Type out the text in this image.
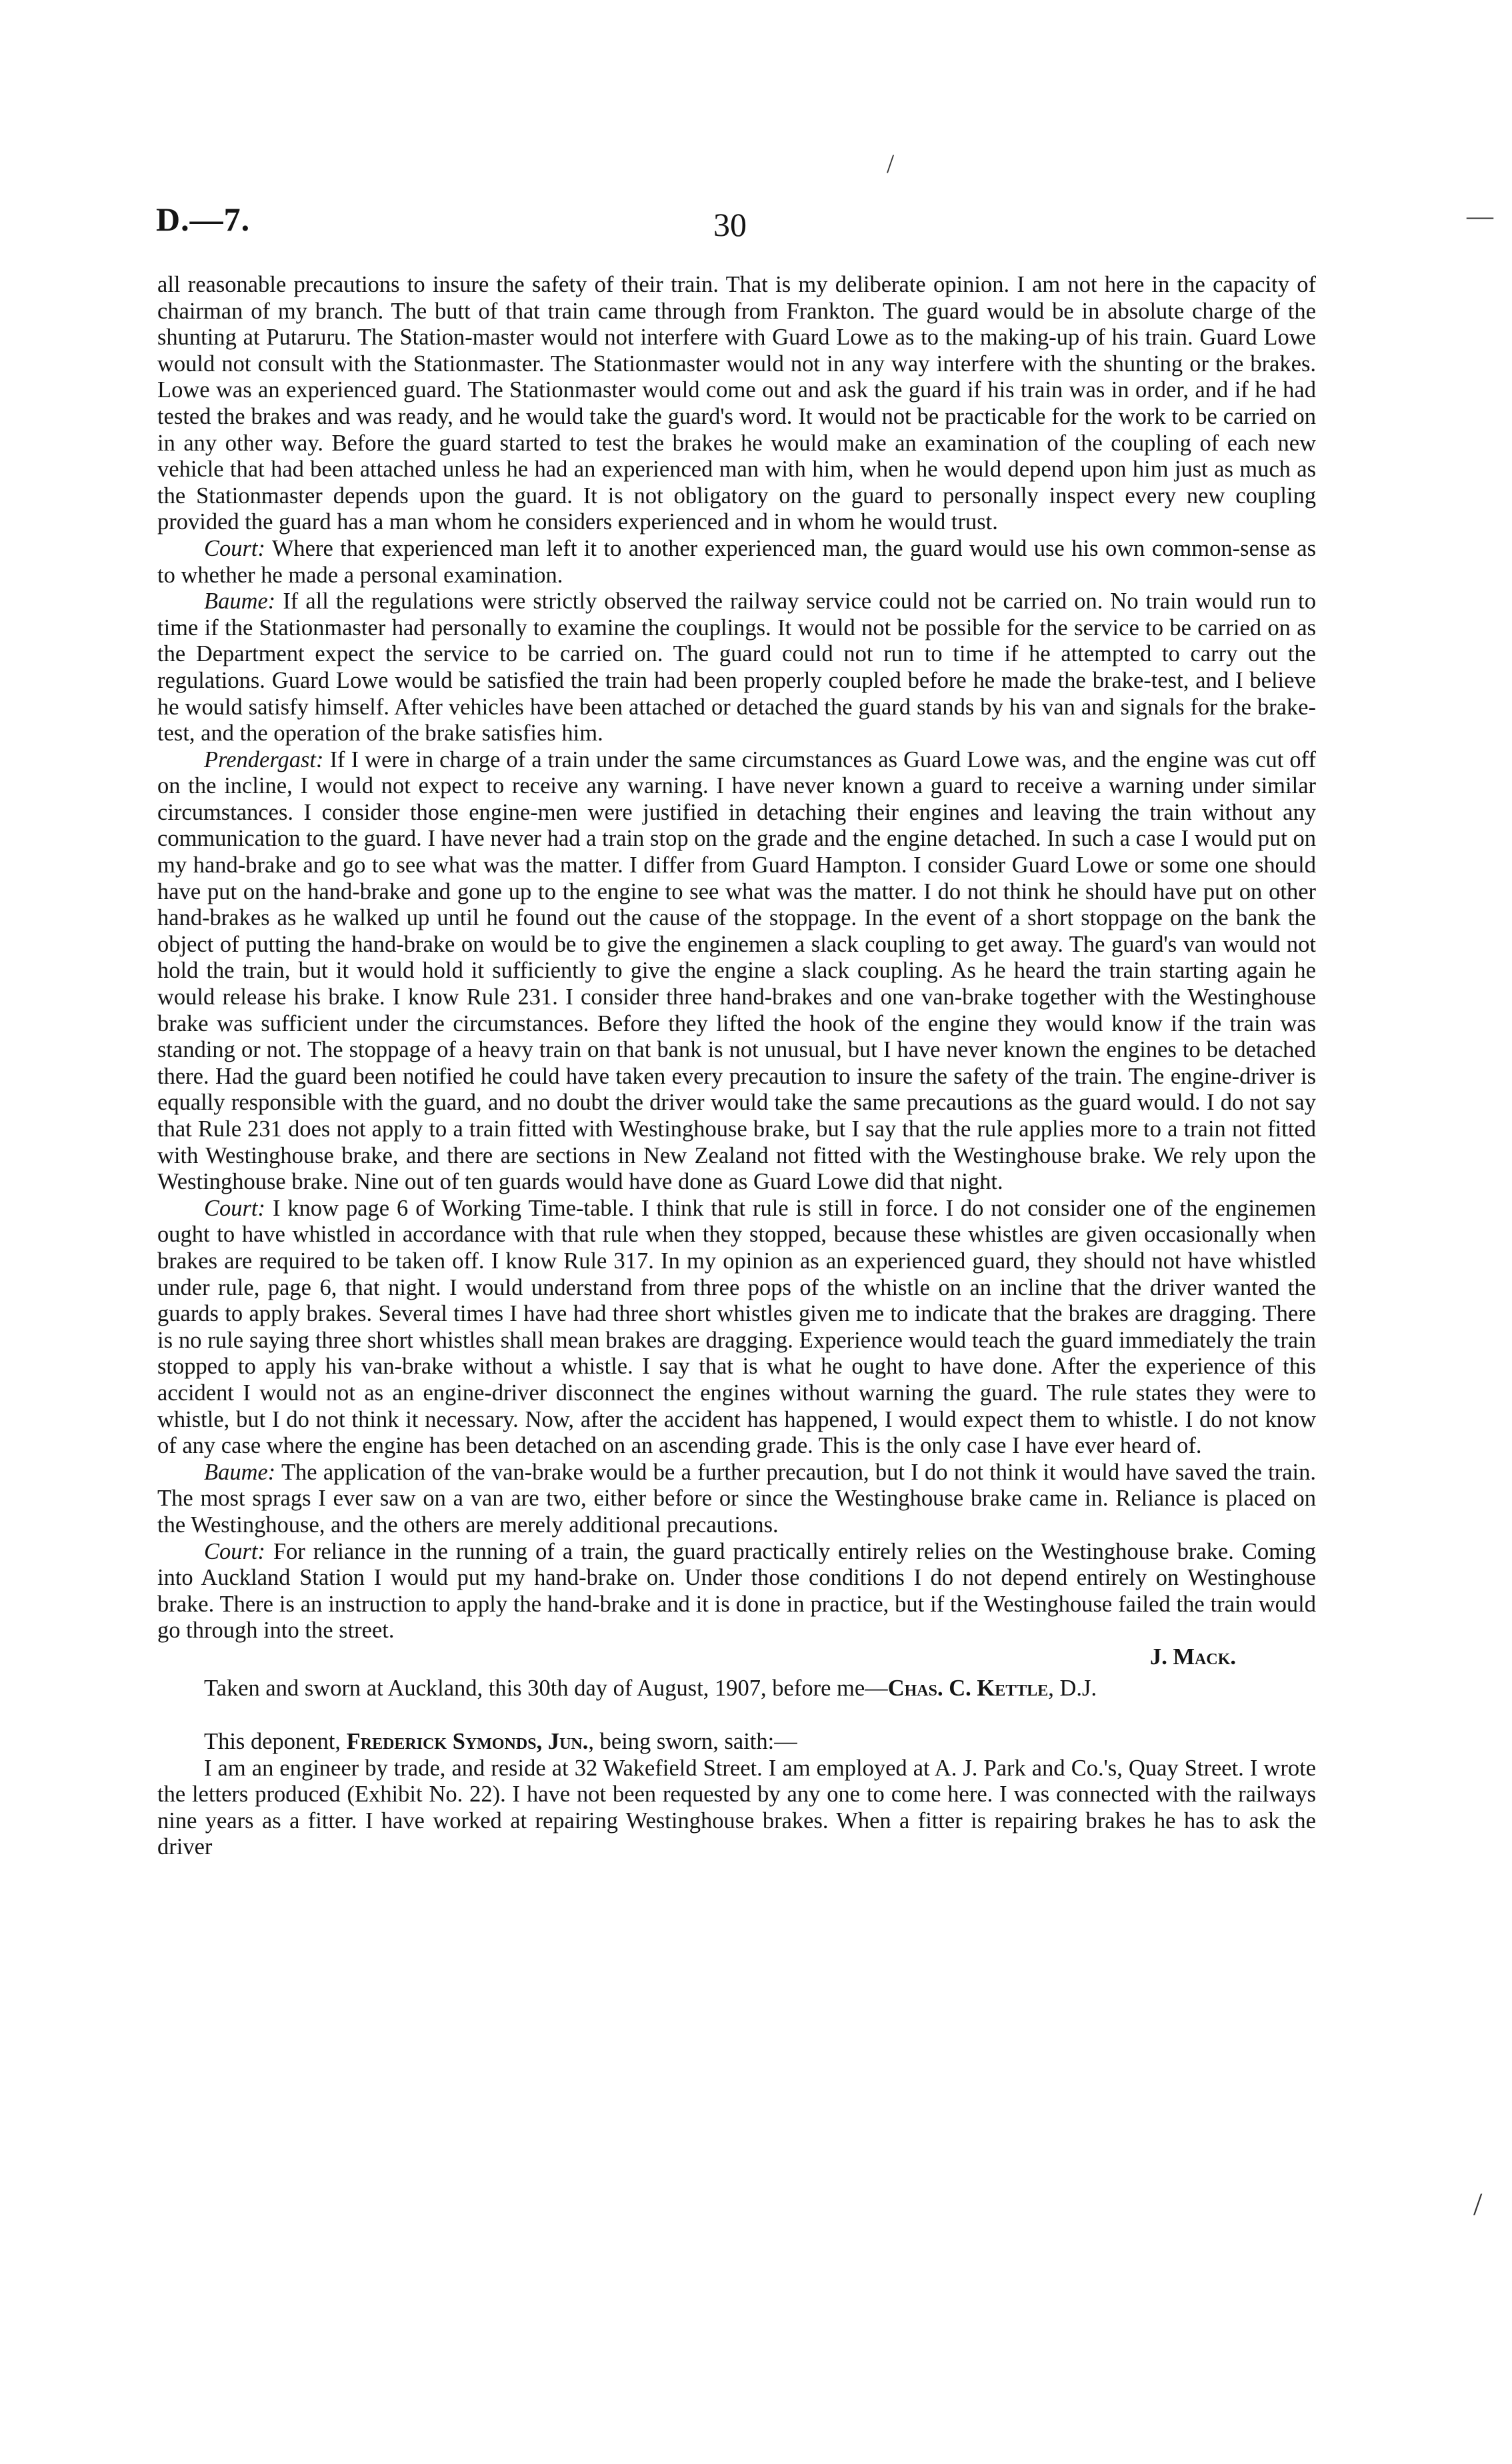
/
—
D.—7.	30

all reasonable precautions to insure the safety of their train. That is my deliberate opinion. I am not here in the capacity of chairman of my branch. The butt of that train came through from Frankton. The guard would be in absolute charge of the shunting at Putaruru. The Station-master would not interfere with Guard Lowe as to the making-up of his train. Guard Lowe would not consult with the Stationmaster. The Stationmaster would not in any way interfere with the shunting or the brakes. Lowe was an experienced guard. The Stationmaster would come out and ask the guard if his train was in order, and if he had tested the brakes and was ready, and he would take the guard's word. It would not be practicable for the work to be carried on in any other way. Before the guard started to test the brakes he would make an examination of the coupling of each new vehicle that had been attached unless he had an experienced man with him, when he would depend upon him just as much as the Stationmaster depends upon the guard. It is not obligatory on the guard to personally inspect every new coupling provided the guard has a man whom he considers experienced and in whom he would trust.

Court: Where that experienced man left it to another experienced man, the guard would use his own common-sense as to whether he made a personal examination.

Baume: If all the regulations were strictly observed the railway service could not be carried on. No train would run to time if the Stationmaster had personally to examine the couplings. It would not be possible for the service to be carried on as the Department expect the service to be carried on. The guard could not run to time if he attempted to carry out the regulations. Guard Lowe would be satisfied the train had been properly coupled before he made the brake-test, and I believe he would satisfy himself. After vehicles have been attached or detached the guard stands by his van and signals for the brake-test, and the operation of the brake satisfies him.

Prendergast: If I were in charge of a train under the same circumstances as Guard Lowe was, and the engine was cut off on the incline, I would not expect to receive any warning. I have never known a guard to receive a warning under similar circumstances. I consider those engine-men were justified in detaching their engines and leaving the train without any communication to the guard. I have never had a train stop on the grade and the engine detached. In such a case I would put on my hand-brake and go to see what was the matter. I differ from Guard Hampton. I consider Guard Lowe or some one should have put on the hand-brake and gone up to the engine to see what was the matter. I do not think he should have put on other hand-brakes as he walked up until he found out the cause of the stoppage. In the event of a short stoppage on the bank the object of putting the hand-brake on would be to give the enginemen a slack coupling to get away. The guard's van would not hold the train, but it would hold it sufficiently to give the engine a slack coupling. As he heard the train starting again he would release his brake. I know Rule 231. I consider three hand-brakes and one van-brake together with the Westinghouse brake was sufficient under the circumstances. Before they lifted the hook of the engine they would know if the train was standing or not. The stoppage of a heavy train on that bank is not unusual, but I have never known the engines to be detached there. Had the guard been notified he could have taken every precaution to insure the safety of the train. The engine-driver is equally responsible with the guard, and no doubt the driver would take the same precautions as the guard would. I do not say that Rule 231 does not apply to a train fitted with Westinghouse brake, but I say that the rule applies more to a train not fitted with Westinghouse brake, and there are sections in New Zealand not fitted with the Westinghouse brake. We rely upon the Westinghouse brake. Nine out of ten guards would have done as Guard Lowe did that night.

Court: I know page 6 of Working Time-table. I think that rule is still in force. I do not consider one of the enginemen ought to have whistled in accordance with that rule when they stopped, because these whistles are given occasionally when brakes are required to be taken off. I know Rule 317. In my opinion as an experienced guard, they should not have whistled under rule, page 6, that night. I would understand from three pops of the whistle on an incline that the driver wanted the guards to apply brakes. Several times I have had three short whistles given me to indicate that the brakes are dragging. There is no rule saying three short whistles shall mean brakes are dragging. Experience would teach the guard immediately the train stopped to apply his van-brake without a whistle. I say that is what he ought to have done. After the experience of this accident I would not as an engine-driver disconnect the engines without warning the guard. The rule states they were to whistle, but I do not think it necessary. Now, after the accident has happened, I would expect them to whistle. I do not know of any case where the engine has been detached on an ascending grade. This is the only case I have ever heard of.

Baume: The application of the van-brake would be a further precaution, but I do not think it would have saved the train. The most sprags I ever saw on a van are two, either before or since the Westinghouse brake came in. Reliance is placed on the Westinghouse, and the others are merely additional precautions.

Court: For reliance in the running of a train, the guard practically entirely relies on the Westinghouse brake. Coming into Auckland Station I would put my hand-brake on. Under those conditions I do not depend entirely on Westinghouse brake. There is an instruction to apply the hand-brake and it is done in practice, but if the Westinghouse failed the train would go through into the street.

J. Mack.

Taken and sworn at Auckland, this 30th day of August, 1907, before me—Chas. C. Kettle, D.J.

This deponent, Frederick Symonds, Jun., being sworn, saith:—

I am an engineer by trade, and reside at 32 Wakefield Street. I am employed at A. J. Park and Co.'s, Quay Street. I wrote the letters produced (Exhibit No. 22). I have not been requested by any one to come here. I was connected with the railways nine years as a fitter. I have worked at repairing Westinghouse brakes. When a fitter is repairing brakes he has to ask the driver

/
